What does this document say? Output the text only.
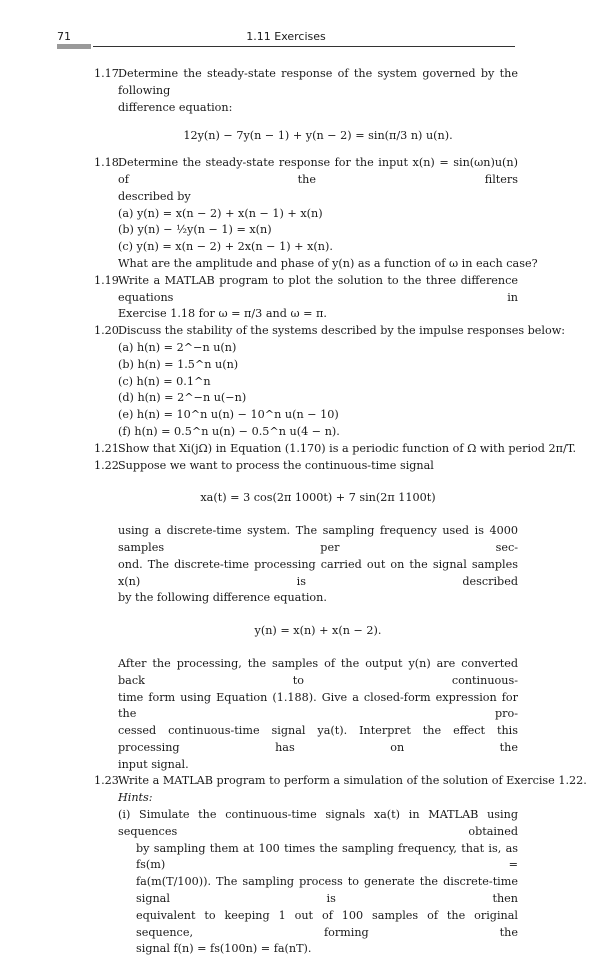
71	1.11 Exercises
1.17 Determine the steady-state response of the system governed by the following
difference equation:
12y(n) − 7y(n − 1) + y(n − 2) = sin(π/3 n) u(n).
1.18 Determine the steady-state response for the input x(n) = sin(ωn)u(n) of the filters
described by
(a) y(n) = x(n − 2) + x(n − 1) + x(n)
(b) y(n) − ½y(n − 1) = x(n)
(c) y(n) = x(n − 2) + 2x(n − 1) + x(n).
What are the amplitude and phase of y(n) as a function of ω in each case?
1.19 Write a MATLAB program to plot the solution to the three difference equations in
Exercise 1.18 for ω = π/3 and ω = π.
1.20 Discuss the stability of the systems described by the impulse responses below:
(a) h(n) = 2^−n u(n)
(b) h(n) = 1.5^n u(n)
(c) h(n) = 0.1^n
(d) h(n) = 2^−n u(−n)
(e) h(n) = 10^n u(n) − 10^n u(n − 10)
(f) h(n) = 0.5^n u(n) − 0.5^n u(4 − n).
1.21 Show that Xi(jΩ) in Equation (1.170) is a periodic function of Ω with period 2π/T.
1.22 Suppose we want to process the continuous-time signal
xa(t) = 3 cos(2π 1000t) + 7 sin(2π 1100t)
using a discrete-time system. The sampling frequency used is 4000 samples per sec-
ond. The discrete-time processing carried out on the signal samples x(n) is described
by the following difference equation.
y(n) = x(n) + x(n − 2).
After the processing, the samples of the output y(n) are converted back to continuous-
time form using Equation (1.188). Give a closed-form expression for the pro-
cessed continuous-time signal ya(t). Interpret the effect this processing has on the
input signal.
1.23 Write a MATLAB program to perform a simulation of the solution of Exercise 1.22.
Hints:
(i) Simulate the continuous-time signals xa(t) in MATLAB using sequences obtained
by sampling them at 100 times the sampling frequency, that is, as fs(m) =
fa(m(T/100)). The sampling process to generate the discrete-time signal is then
equivalent to keeping 1 out of 100 samples of the original sequence, forming the
signal f(n) = fs(100n) = fa(nT).
